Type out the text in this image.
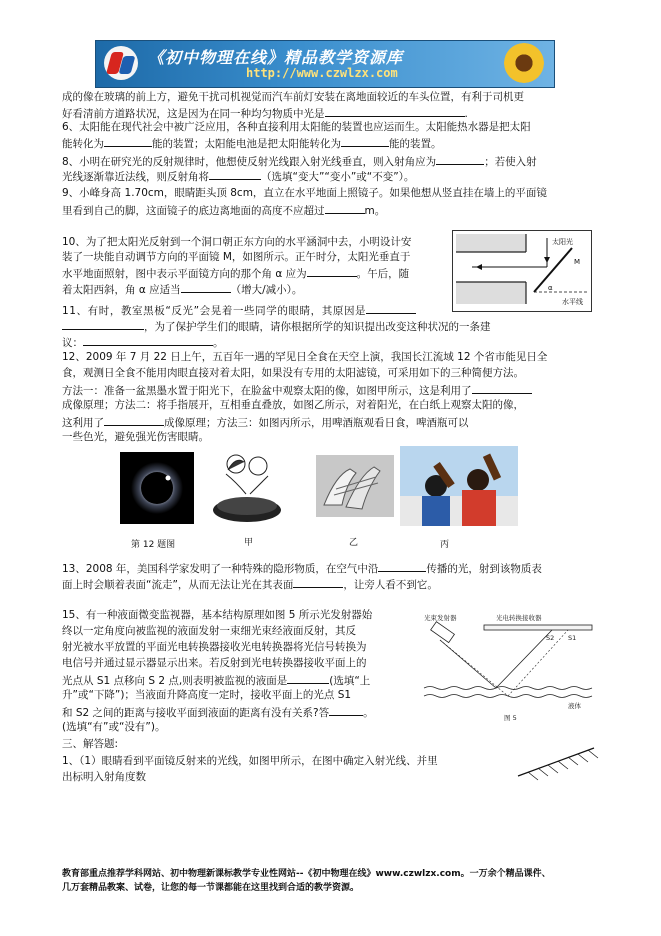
《初中物理在线》精品教学资源库
http://www.czwlzx.com
成的像在玻璃的前上方，避免干扰司机视觉而汽车前灯安装在离地面较近的车头位置，有利于司机更
好看清前方道路状况，这是因为在同一种均匀物质中光是	.
6、太阳能在现代社会中被广泛应用，各种直接利用太阳能的装置也应运而生。太阳能热水器是把太阳
能转化为	能的装置；太阳能电池是把太阳能转化为	能的装置。
8、小明在研究光的反射规律时，他想使反射光线跟入射光线垂直，则入射角应为	；若使入射
光线逐渐靠近法线，则反射角将	（选填“变大”“变小”或“不变”）。
9、小峰身高 1.70cm，眼睛距头顶 8cm，直立在水平地面上照镜子。如果他想从竖直挂在墙上的平面镜
里看到自己的脚，这面镜子的底边离地面的高度不应超过	m。
10、为了把太阳光反射到一个洞口朝正东方向的水平涵洞中去，小明设计安
装了一块能自动调节方向的平面镜 M，如图所示。正午时分，太阳光垂直于
水平地面照射，图中表示平面镜方向的那个角 α 应为	。午后，随
着太阳西斜，角 α 应适当	（增大/减小）。
太阳光
M
α
水平线
11、有时，教室黑板“反光”会晃着一些同学的眼睛，其原因是
，为了保护学生们的眼睛，请你根据所学的知识提出改变这种状况的一条建
议：	。
12、2009 年 7 月 22 日上午，五百年一遇的罕见日全食在天空上演，我国长江流域 12 个省市能见日全
食，观测日全食不能用肉眼直接对着太阳，如果没有专用的太阳滤镜，可采用如下的三种简便方法。
方法一：准备一盆黑墨水置于阳光下，在脸盆中观察太阳的像，如图甲所示，这是利用了
成像原理；方法二：将手指展开，互相垂直叠放，如图乙所示，对着阳光，在白纸上观察太阳的像，
这利用了	成像原理；方法三：如图丙所示，用啤酒瓶观看日食，啤酒瓶可以
一些色光，避免强光伤害眼睛。
第 12 题图	甲	乙	丙
13、2008 年，美国科学家发明了一种特殊的隐形物质，在空气中沿	传播的光，射到该物质表
面上时会顺着表面“流走”，从而无法让光在其表面	，让旁人看不到它。
15、有一种液面微变监视器，基本结构原理如图 5 所示光发射器始
终以一定角度向被监视的液面发射一束细光束经液面反射，其反
射光被水平放置的平面光电转换器接收光电转换器将光信号转换为
电信号并通过显示器显示出来。若反射到光电转换器接收平面上的
光点从 S1 点移向 S 2 点,则表明被监视的液面是	(选填“上
升”或“下降”)；当液面升降高度一定时，接收平面上的光点 S1
和 S2 之间的距离与接收平面到液面的距离有没有关系?答	。
(选填“有”或“没有”)。
光束发射器	光电转换接收器
S2 S1
液体
图 5
三、解答题:
1、（1）眼睛看到平面镜反射来的光线，如图甲所示，在图中确定入射光线、并里
出标明入射角度数
教育部重点推荐学科网站、初中物理新课标教学专业性网站--《初中物理在线》www.czwlzx.com。一万余个精品课件、
几万套精品教案、试卷，让您的每一节课都能在这里找到合适的教学资源。
